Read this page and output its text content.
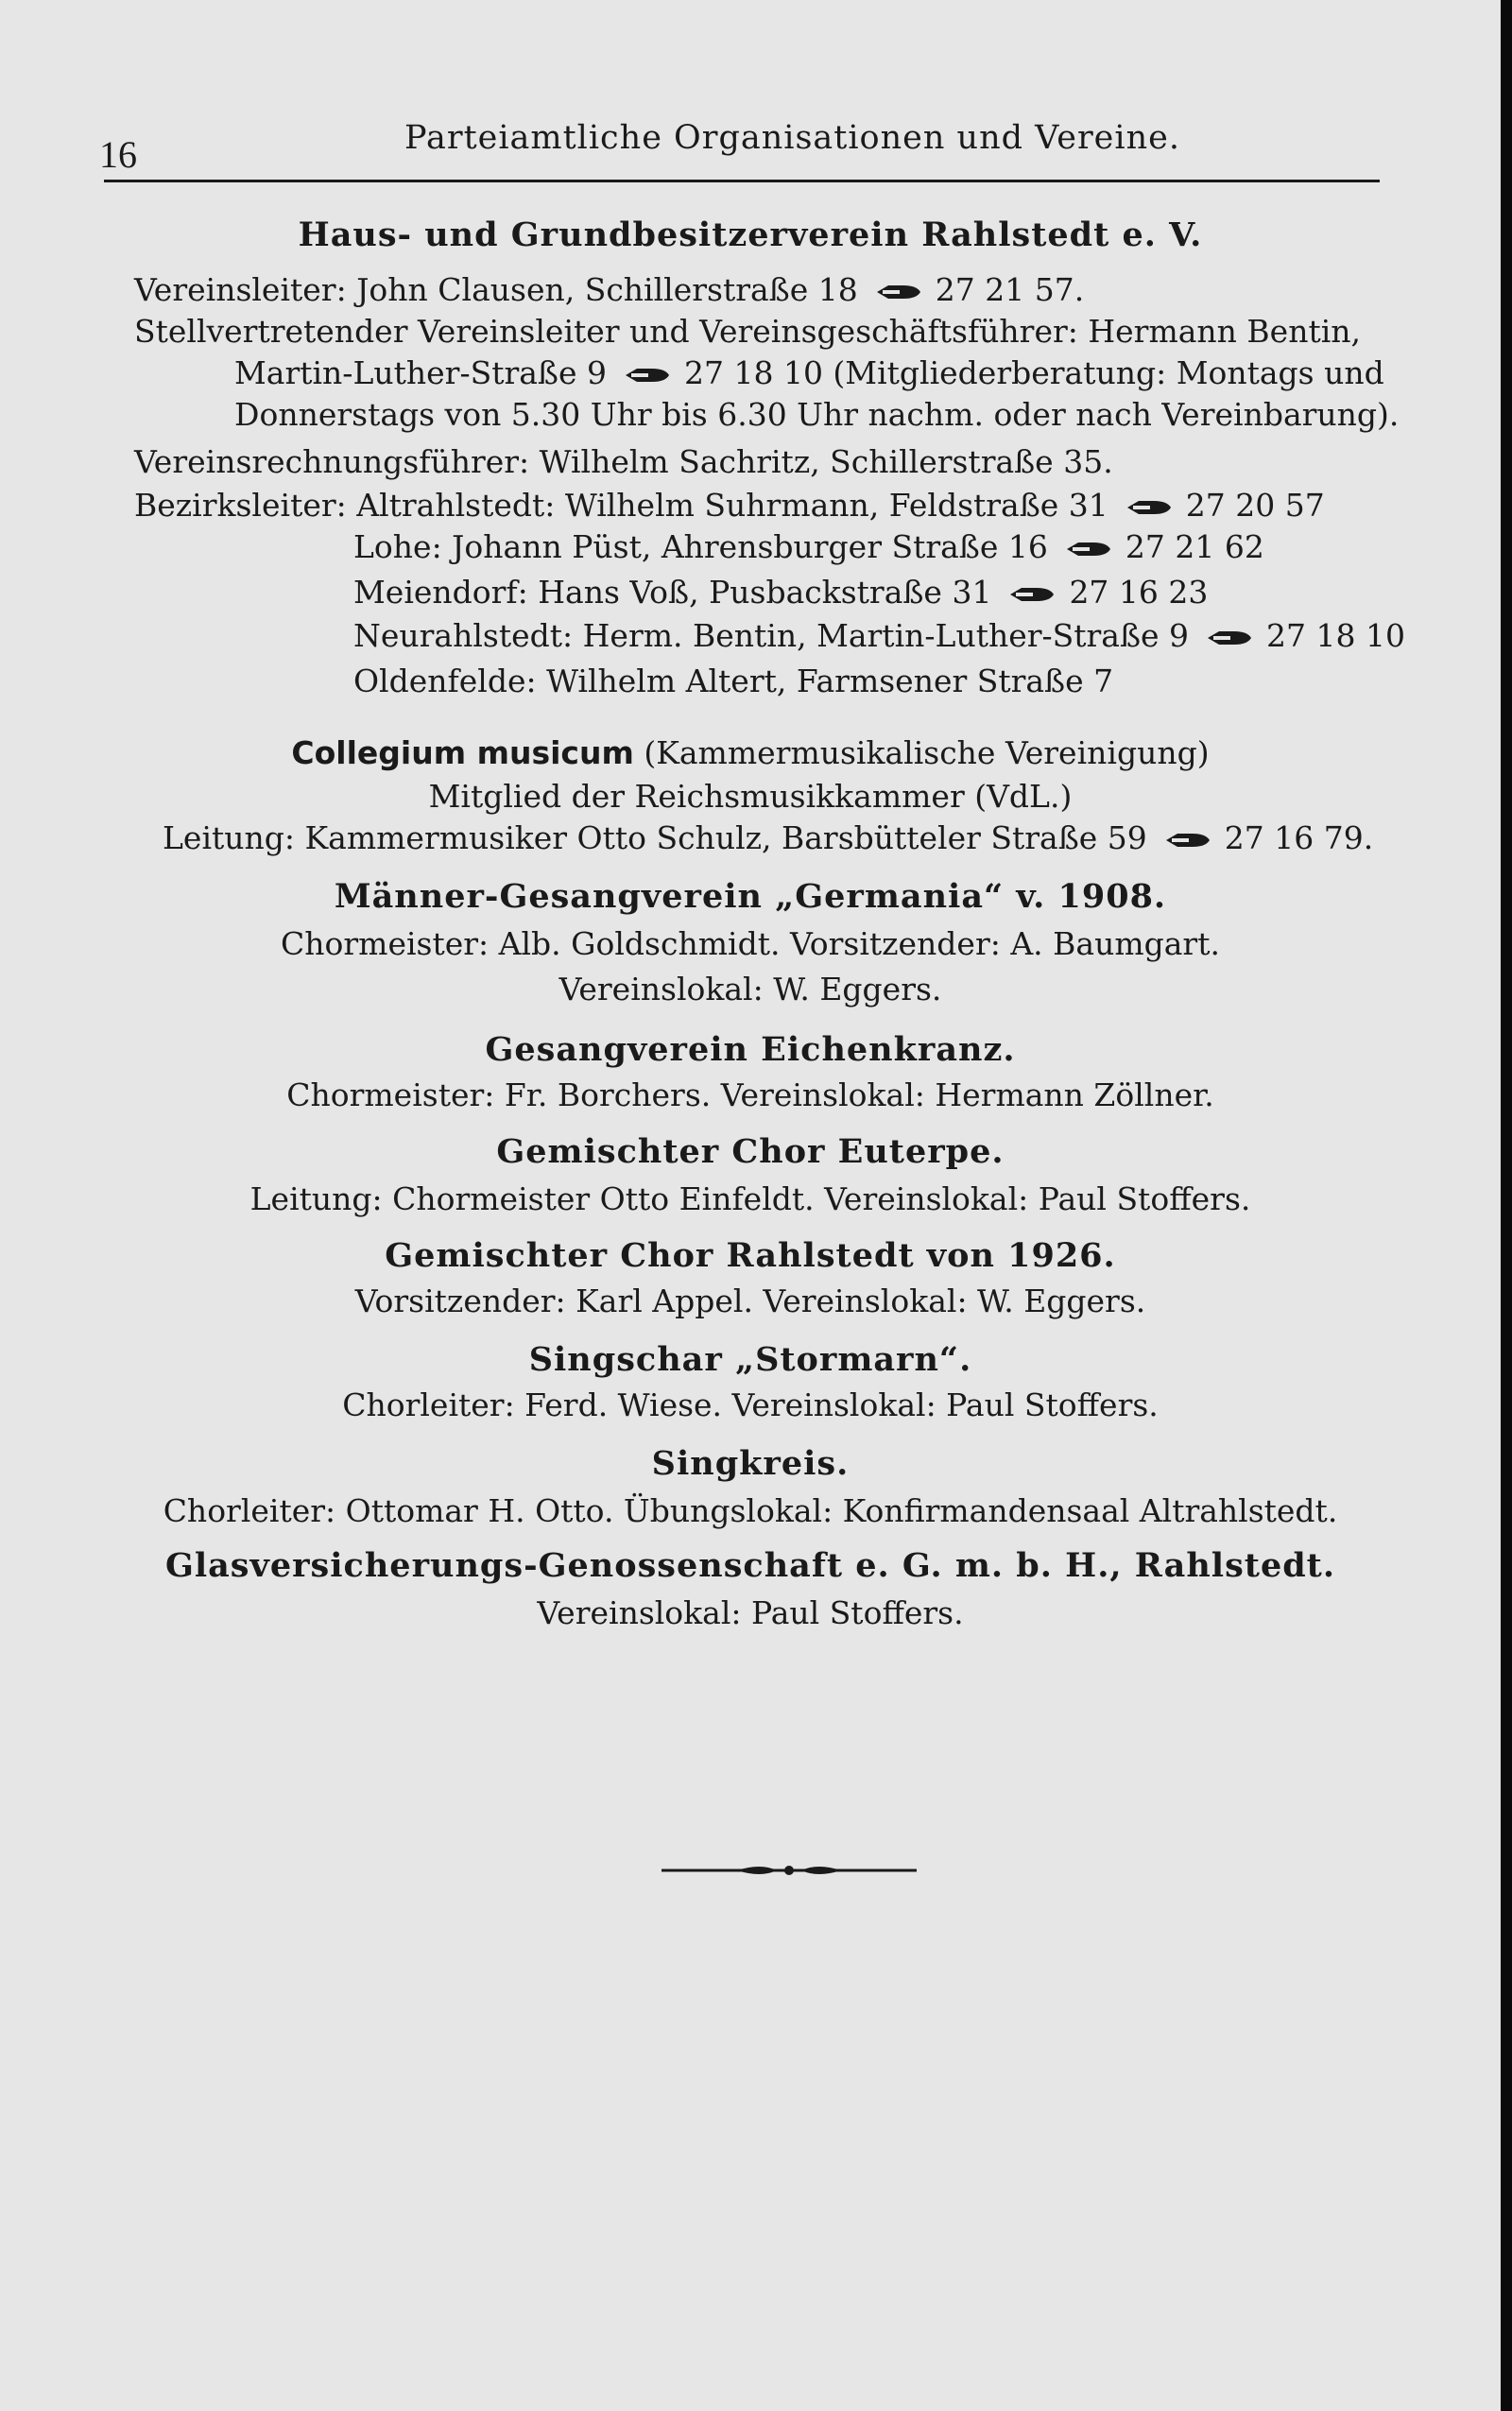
16	Parteiamtliche Organisationen und Vereine.
Haus- und Grundbesitzerverein Rahlstedt e. V.
Vereinsleiter: John Clausen, Schillerstraße 18 27 21 57.
Stellvertretender Vereinsleiter und Vereinsgeschäftsführer: Hermann Bentin,
Martin-Luther-Straße 9 27 18 10 (Mitgliederberatung: Montags und
Donnerstags von 5.30 Uhr bis 6.30 Uhr nachm. oder nach Vereinbarung).
Vereinsrechnungsführer: Wilhelm Sachritz, Schillerstraße 35.
Bezirksleiter: Altrahlstedt: Wilhelm Suhrmann, Feldstraße 31 27 20 57
Lohe: Johann Püst, Ahrensburger Straße 16 27 21 62
Meiendorf: Hans Voß, Pusbackstraße 31 27 16 23
Neurahlstedt: Herm. Bentin, Martin-Luther-Straße 9 27 18 10
Oldenfelde: Wilhelm Altert, Farmsener Straße 7
Collegium musicum (Kammermusikalische Vereinigung)
Mitglied der Reichsmusikkammer (VdL.)
Leitung: Kammermusiker Otto Schulz, Barsbütteler Straße 59 27 16 79.
Männer-Gesangverein „Germania“ v. 1908.
Chormeister: Alb. Goldschmidt. Vorsitzender: A. Baumgart.
Vereinslokal: W. Eggers.
Gesangverein Eichenkranz.
Chormeister: Fr. Borchers. Vereinslokal: Hermann Zöllner.
Gemischter Chor Euterpe.
Leitung: Chormeister Otto Einfeldt. Vereinslokal: Paul Stoffers.
Gemischter Chor Rahlstedt von 1926.
Vorsitzender: Karl Appel. Vereinslokal: W. Eggers.
Singschar „Stormarn“.
Chorleiter: Ferd. Wiese. Vereinslokal: Paul Stoffers.
Singkreis.
Chorleiter: Ottomar H. Otto. Übungslokal: Konfirmandensaal Altrahlstedt.
Glasversicherungs-Genossenschaft e. G. m. b. H., Rahlstedt.
Vereinslokal: Paul Stoffers.
